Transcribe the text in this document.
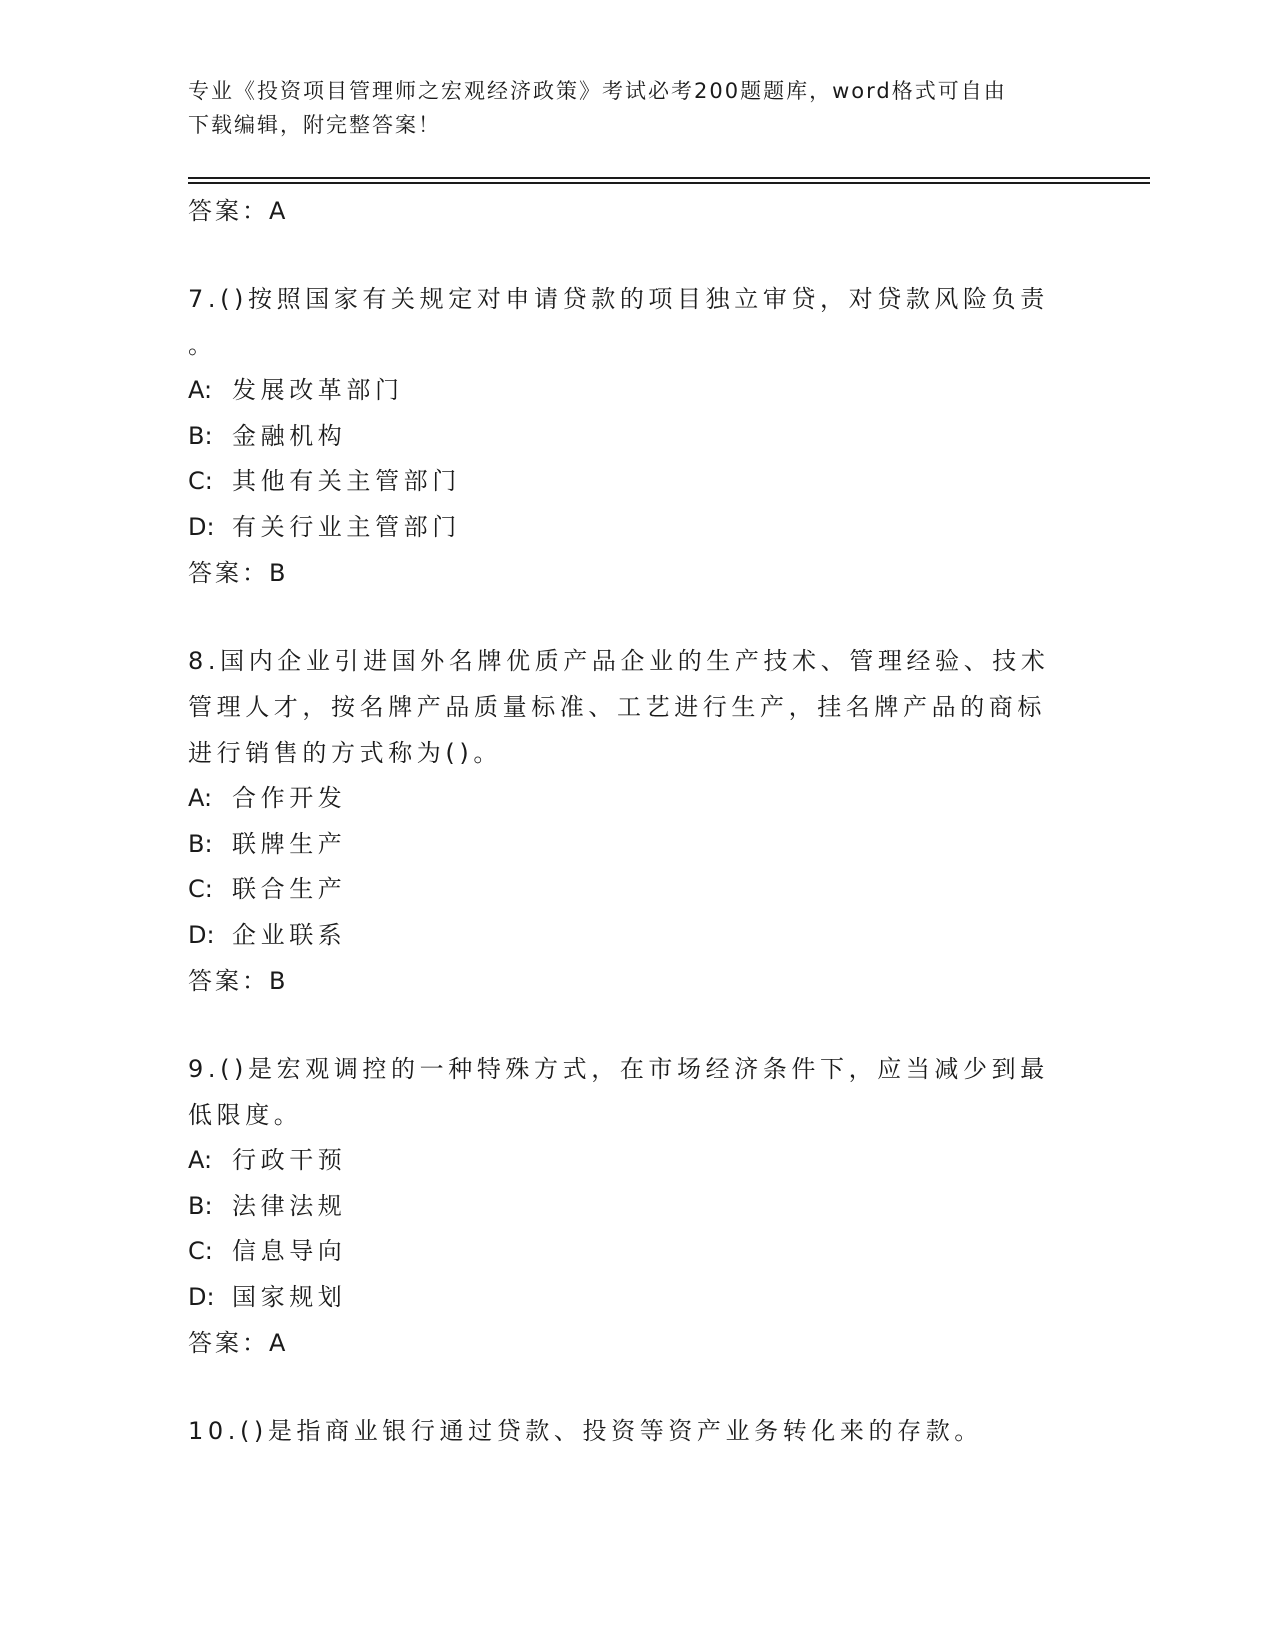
专业《投资项目管理师之宏观经济政策》考试必考200题题库，word格式可自由
下载编辑，附完整答案！
答案：A
7.()按照国家有关规定对申请贷款的项目独立审贷，对贷款风险负责
。
A: 发展改革部门
B: 金融机构
C: 其他有关主管部门
D: 有关行业主管部门
答案：B
8.国内企业引进国外名牌优质产品企业的生产技术、管理经验、技术
管理人才，按名牌产品质量标准、工艺进行生产，挂名牌产品的商标
进行销售的方式称为()。
A: 合作开发
B: 联牌生产
C: 联合生产
D: 企业联系
答案：B
9.()是宏观调控的一种特殊方式，在市场经济条件下，应当减少到最
低限度。
A: 行政干预
B: 法律法规
C: 信息导向
D: 国家规划
答案：A
10.()是指商业银行通过贷款、投资等资产业务转化来的存款。
